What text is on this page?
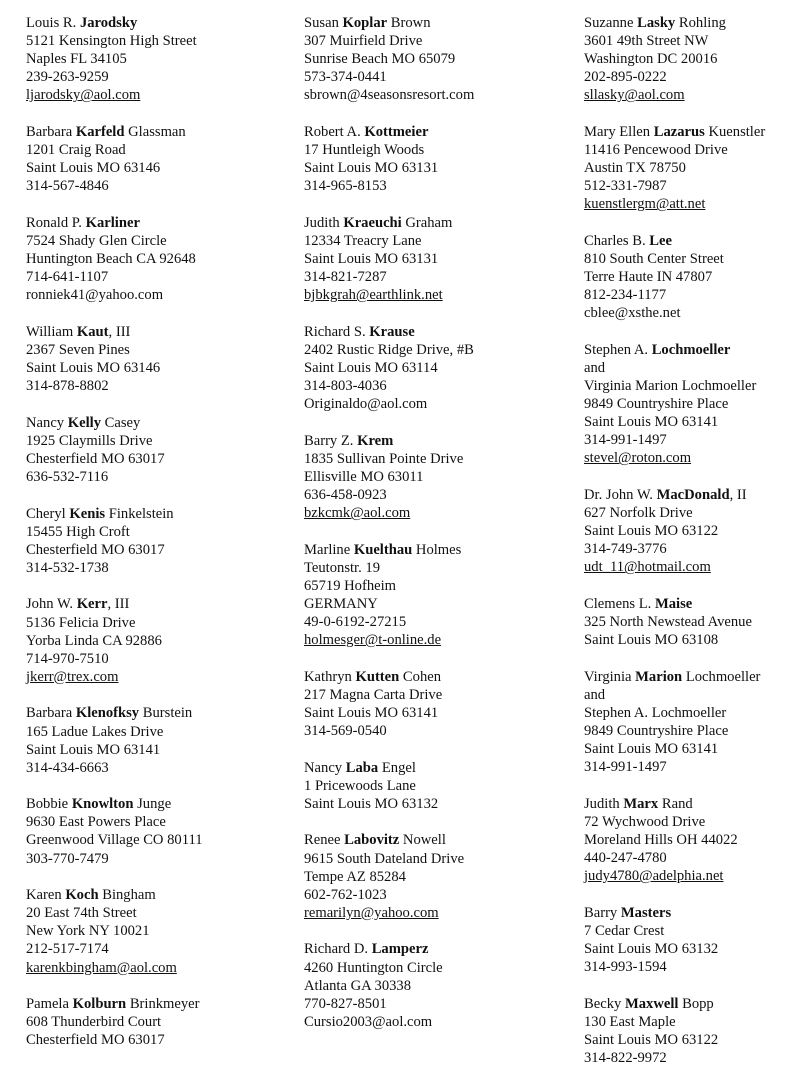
Louis R. Jarodsky
5121 Kensington High Street
Naples FL 34105
239-263-9259
ljarodsky@aol.com
Barbara Karfeld Glassman
1201 Craig Road
Saint Louis MO 63146
314-567-4846
Ronald P. Karliner
7524 Shady Glen Circle
Huntington Beach CA 92648
714-641-1107
ronniek41@yahoo.com
William Kaut, III
2367 Seven Pines
Saint Louis MO 63146
314-878-8802
Nancy Kelly Casey
1925 Claymills Drive
Chesterfield MO 63017
636-532-7116
Cheryl Kenis Finkelstein
15455 High Croft
Chesterfield MO 63017
314-532-1738
John W. Kerr, III
5136 Felicia Drive
Yorba Linda CA 92886
714-970-7510
jkerr@trex.com
Barbara Klenofksy Burstein
165 Ladue Lakes Drive
Saint Louis MO 63141
314-434-6663
Bobbie Knowlton Junge
9630 East Powers Place
Greenwood Village CO 80111
303-770-7479
Karen Koch Bingham
20 East 74th Street
New York NY 10021
212-517-7174
karenkbingham@aol.com
Pamela Kolburn Brinkmeyer
608 Thunderbird Court
Chesterfield MO 63017
Susan Koplar Brown
307 Muirfield Drive
Sunrise Beach MO 65079
573-374-0441
sbrown@4seasonsresort.com
Robert A. Kottmeier
17 Huntleigh Woods
Saint Louis MO 63131
314-965-8153
Judith Kraeuchi Graham
12334 Treacry Lane
Saint Louis MO 63131
314-821-7287
bjbkgrah@earthlink.net
Richard S. Krause
2402 Rustic Ridge Drive, #B
Saint Louis MO 63114
314-803-4036
Originaldo@aol.com
Barry Z. Krem
1835 Sullivan Pointe Drive
Ellisville MO 63011
636-458-0923
bzkcmk@aol.com
Marline Kuelthau Holmes
Teutonstr. 19
65719 Hofheim
GERMANY
49-0-6192-27215
holmesger@t-online.de
Kathryn Kutten Cohen
217 Magna Carta Drive
Saint Louis MO 63141
314-569-0540
Nancy Laba Engel
1 Pricewoods Lane
Saint Louis MO 63132
Renee Labovitz Nowell
9615 South Dateland Drive
Tempe AZ 85284
602-762-1023
remarilyn@yahoo.com
Richard D. Lamperz
4260 Huntington Circle
Atlanta GA 30338
770-827-8501
Cursio2003@aol.com
Suzanne Lasky Rohling
3601 49th Street NW
Washington DC 20016
202-895-0222
sllasky@aol.com
Mary Ellen Lazarus Kuenstler
11416 Pencewood Drive
Austin TX 78750
512-331-7987
kuenstlergm@att.net
Charles B. Lee
810 South Center Street
Terre Haute IN 47807
812-234-1177
cblee@xsthe.net
Stephen A. Lochmoeller
and
Virginia Marion Lochmoeller
9849 Countryshire Place
Saint Louis MO 63141
314-991-1497
stevel@roton.com
Dr. John W. MacDonald, II
627 Norfolk Drive
Saint Louis MO 63122
314-749-3776
udt_11@hotmail.com
Clemens L. Maise
325 North Newstead Avenue
Saint Louis MO 63108
Virginia Marion Lochmoeller
and
Stephen A. Lochmoeller
9849 Countryshire Place
Saint Louis MO 63141
314-991-1497
Judith Marx Rand
72 Wychwood Drive
Moreland Hills OH 44022
440-247-4780
judy4780@adelphia.net
Barry Masters
7 Cedar Crest
Saint Louis MO 63132
314-993-1594
Becky Maxwell Bopp
130 East Maple
Saint Louis MO 63122
314-822-9972
